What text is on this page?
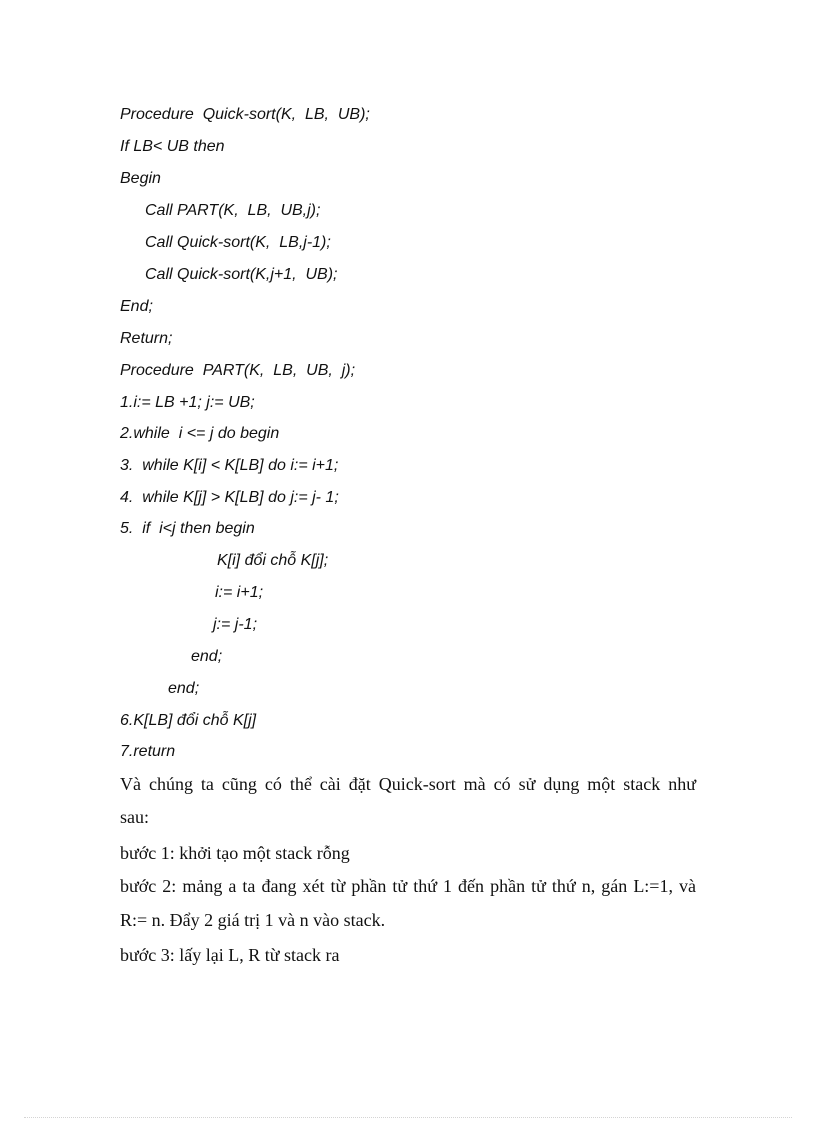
Procedure  Quick-sort(K,  LB,  UB);
If LB< UB then
Begin
Call PART(K,  LB,  UB,j);
Call Quick-sort(K,  LB,j-1);
Call Quick-sort(K,j+1,  UB);
End;
Return;
Procedure  PART(K,  LB,  UB,  j);
1.i:= LB +1; j:= UB;
2.while  i <= j do begin
3.  while K[i] < K[LB] do i:= i+1;
4.  while K[j] > K[LB] do j:= j- 1;
5.  if  i<j then begin
K[i] đổi chỗ K[j];
i:= i+1;
j:= j-1;
end;
end;
6.K[LB] đổi chỗ K[j]
7.return
Và chúng ta cũng có thể cài đặt Quick-sort mà có sử dụng một stack như
sau:
bước 1: khởi tạo một stack rỗng
bước 2: mảng a ta đang xét từ phần tử thứ 1 đến phần tử thứ n, gán L:=1, và
R:= n. Đẩy 2 giá trị 1 và n vào stack.
bước 3: lấy lại L, R từ stack ra
